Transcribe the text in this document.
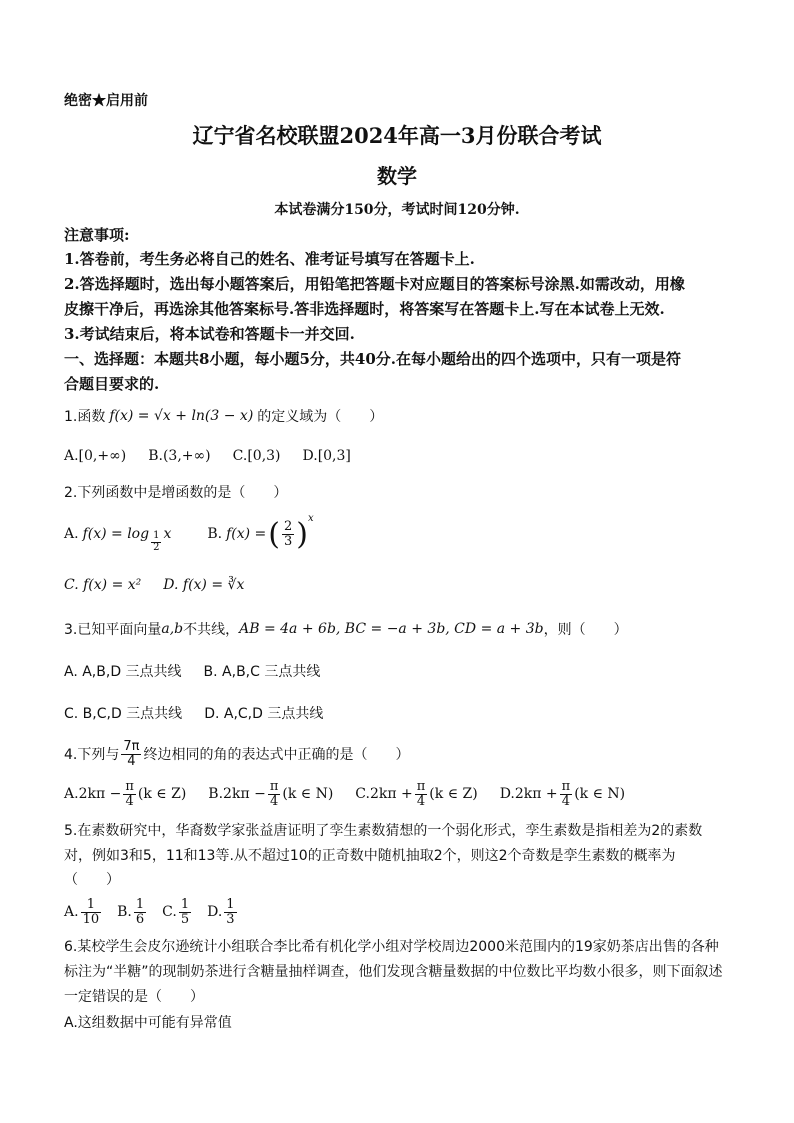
绝密★启用前
辽宁省名校联盟2024年高一3月份联合考试
数学
本试卷满分150分，考试时间120分钟.
注意事项:
1.答卷前，考生务必将自己的姓名、准考证号填写在答题卡上.
2.答选择题时，选出每小题答案后，用铅笔把答题卡对应题目的答案标号涂黑.如需改动，用橡
皮擦干净后，再选涂其他答案标号.答非选择题时，将答案写在答题卡上.写在本试卷上无效.
3.考试结束后，将本试卷和答题卡一并交回.
一、选择题：本题共8小题，每小题5分，共40分.在每小题给出的四个选项中，只有一项是符
合题目要求的.
1.函数 f(x) = √x + ln(3 − x) 的定义域为（　　）
A.[0,+∞) B.(3,+∞) C.[0,3) D.[0,3]
2.下列函数中是增函数的是（　　）
A. $f(x) = \log \frac{1}{2}$ x	B. f(x) = ( $\frac{2}{3}$ ) x
C. f(x) = x² D. f(x) = ∛x
3.已知平面向量 a,b 不共线， AB = 4a + 6b, BC = −a + 3b, CD = a + 3b ，则（　　）
A. A,B,D 三点共线 B. A,B,C 三点共线
C. B,C,D 三点共线 D. A,C,D 三点共线
4.下列与 $\frac{7\pi}{4}$ 终边相同的角的表达式中正确的是（　　）
A. $2k\pi - \frac{\pi}{4} (k$ ∈ Z) B. $2k\pi - \frac{\pi}{4} (k$ ∈ N) C. $2k\pi + \frac{\pi}{4} (k$ ∈ Z) D. $2k\pi + \frac{\pi}{4} (k$ ∈ N)
5.在素数研究中，华裔数学家张益唐证明了孪生素数猜想的一个弱化形式，孪生素数是指相差为2的素数
对，例如3和5，11和13等.从不超过10的正奇数中随机抽取2个，则这2个奇数是孪生素数的概率为
（　　）
A. $\frac{1}{10} B$. $\frac{1}{6} C$. $\frac{1}{5} D$. $\frac{1}{3}$
6.某校学生会皮尔逊统计小组联合李比希有机化学小组对学校周边2000米范围内的19家奶茶店出售的各种
标注为“半糖”的现制奶茶进行含糖量抽样调查，他们发现含糖量数据的中位数比平均数小很多，则下面叙述
一定错误的是（　　）
A.这组数据中可能有异常值
